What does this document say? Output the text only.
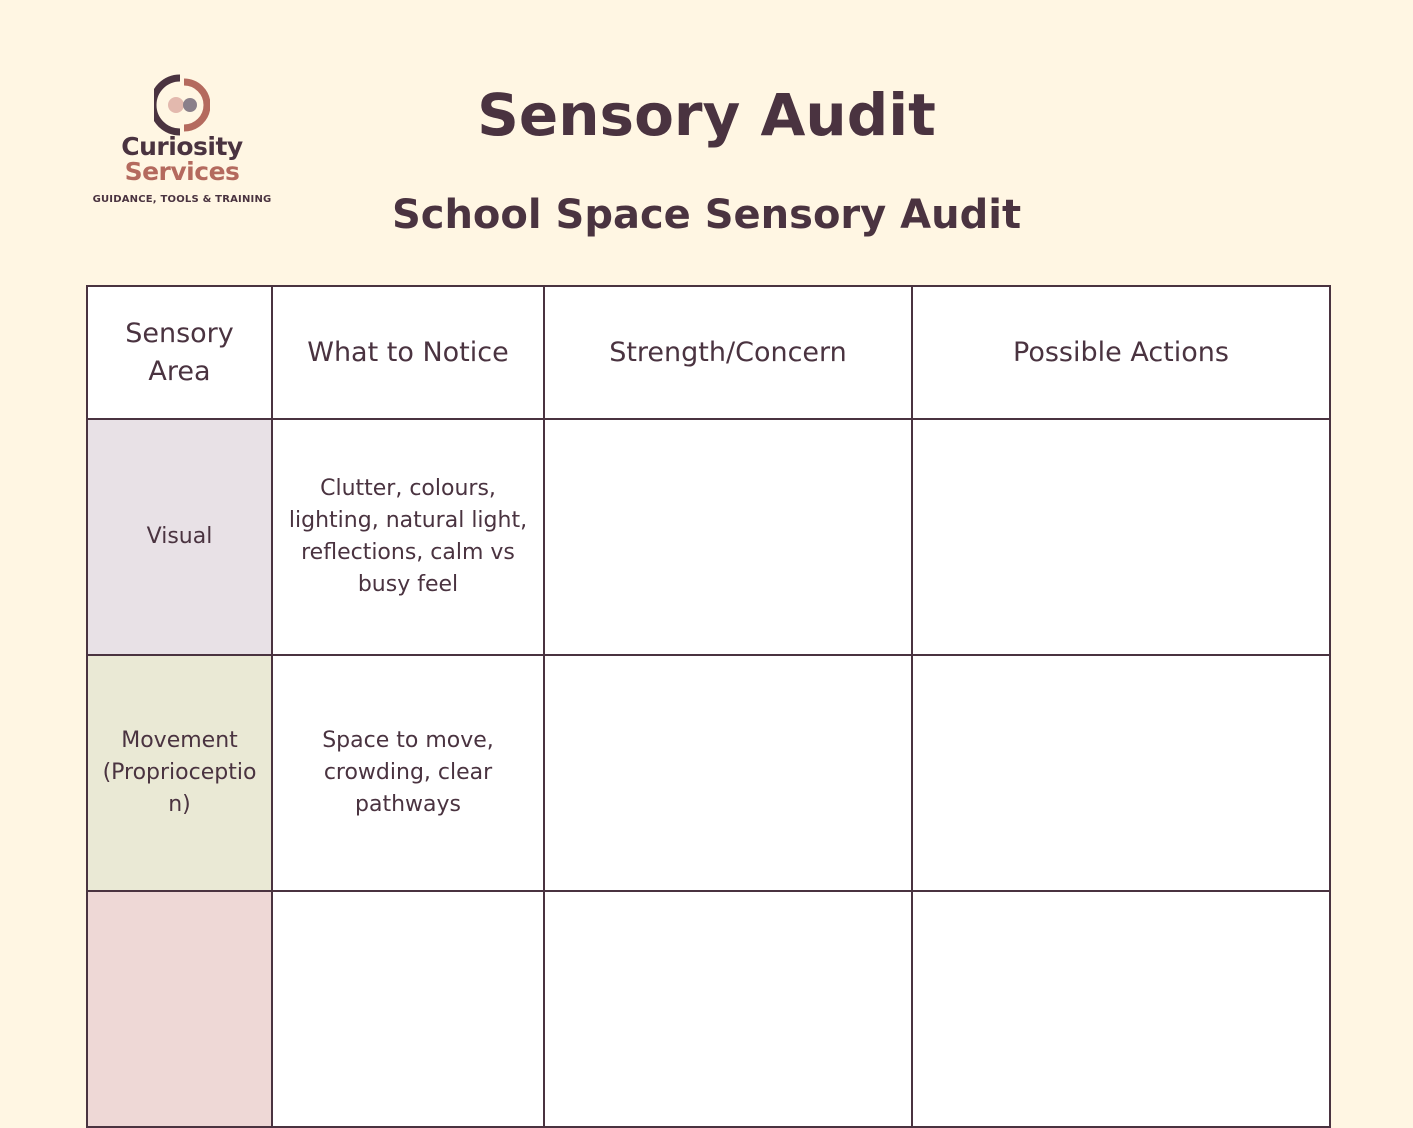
Curiosity
Services
GUIDANCE, TOOLS & TRAINING
Sensory Audit
School Space Sensory Audit
Sensory Area	What to Notice	Strength/Concern	Possible Actions
Visual	Clutter, colours, lighting, natural light, reflections, calm vs busy feel		
Movement (Proprioception)	Space to move, crowding, clear pathways		
